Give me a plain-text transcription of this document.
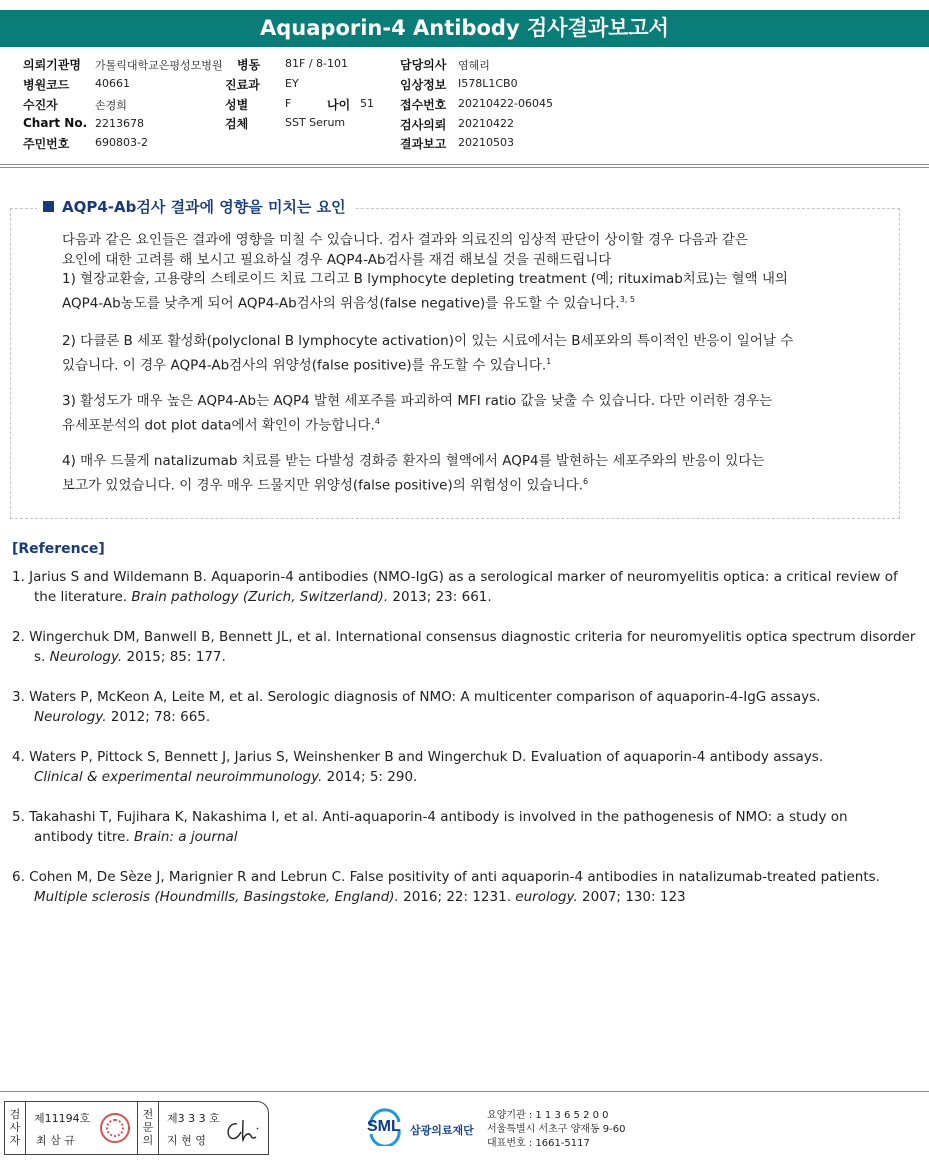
Aquaporin-4 Antibody 검사결과보고서
의뢰기관명 가톨릭대학교은평성모병원 병동 81F / 8-101	담당의사 염혜리
병원코드 40661	진료과 EY	임상정보 I578L1CB0
수진자	손경희	성별	F	나이 51 접수번호 20210422-06045
Chart No. 2213678	검체	SST Serum	검사의뢰 20210422
주민번호 690803-2	결과보고 20210503
AQP4-Ab검사 결과에 영향을 미치는 요인
다음과 같은 요인들은 결과에 영향을 미칠 수 있습니다. 검사 결과와 의료진의 임상적 판단이 상이할 경우 다음과 같은
요인에 대한 고려를 해 보시고 필요하실 경우 AQP4-Ab검사를 재검 해보실 것을 권해드립니다
1) 혈장교환술, 고용량의 스테로이드 치료 그리고 B lymphocyte depleting treatment (예; rituximab치료)는 혈액 내의
AQP4-Ab농도를 낮추게 되어 AQP4-Ab검사의 위음성(false negative)를 유도할 수 있습니다.$^{3, 5}$
2) 다클론 B 세포 활성화(polyclonal B lymphocyte activation)이 있는 시료에서는 B세포와의 특이적인 반응이 일어날 수
있습니다. 이 경우 AQP4-Ab검사의 위양성(false positive)를 유도할 수 있습니다.$^1$
3) 활성도가 매우 높은 AQP4-Ab는 AQP4 발현 세포주를 파괴하여 MFI ratio 값을 낮출 수 있습니다. 다만 이러한 경우는
유세포분석의 dot plot data에서 확인이 가능합니다.$^4$
4) 매우 드물게 natalizumab 치료를 받는 다발성 경화증 환자의 혈액에서 AQP4를 발현하는 세포주와의 반응이 있다는
보고가 있었습니다. 이 경우 매우 드물지만 위양성(false positive)의 위험성이 있습니다.$^6$
[Reference]
1. Jarius S and Wildemann B. Aquaporin-4 antibodies (NMO-IgG) as a serological marker of neuromyelitis optica: a critical review of
the literature. Brain pathology (Zurich, Switzerland). 2013; 23: 661.
2. Wingerchuk DM, Banwell B, Bennett JL, et al. International consensus diagnostic criteria for neuromyelitis optica spectrum disorder
s. Neurology. 2015; 85: 177.
3. Waters P, McKeon A, Leite M, et al. Serologic diagnosis of NMO: A multicenter comparison of aquaporin-4-IgG assays.
Neurology. 2012; 78: 665.
4. Waters P, Pittock S, Bennett J, Jarius S, Weinshenker B and Wingerchuk D. Evaluation of aquaporin-4 antibody assays.
Clinical & experimental neuroimmunology. 2014; 5: 290.
5. Takahashi T, Fujihara K, Nakashima I, et al. Anti-aquaporin-4 antibody is involved in the pathogenesis of NMO: a study on
antibody titre. Brain: a journal
6. Cohen M, De Sèze J, Marignier R and Lebrun C. False positivity of anti aquaporin-4 antibodies in natalizumab-treated patients.
Multiple sclerosis (Houndmills, Basingstoke, England). 2016; 22: 1231. eurology. 2007; 130: 123
검
사
자
제11194호
최 삼 규
전
문
의
제3 3 3 호
지 현 영
SML 삼광의료재단
요양기관 : 1 1 3 6 5 2 0 0
서울특별시 서초구 양재동 9-60
대표번호 : 1661-5117
